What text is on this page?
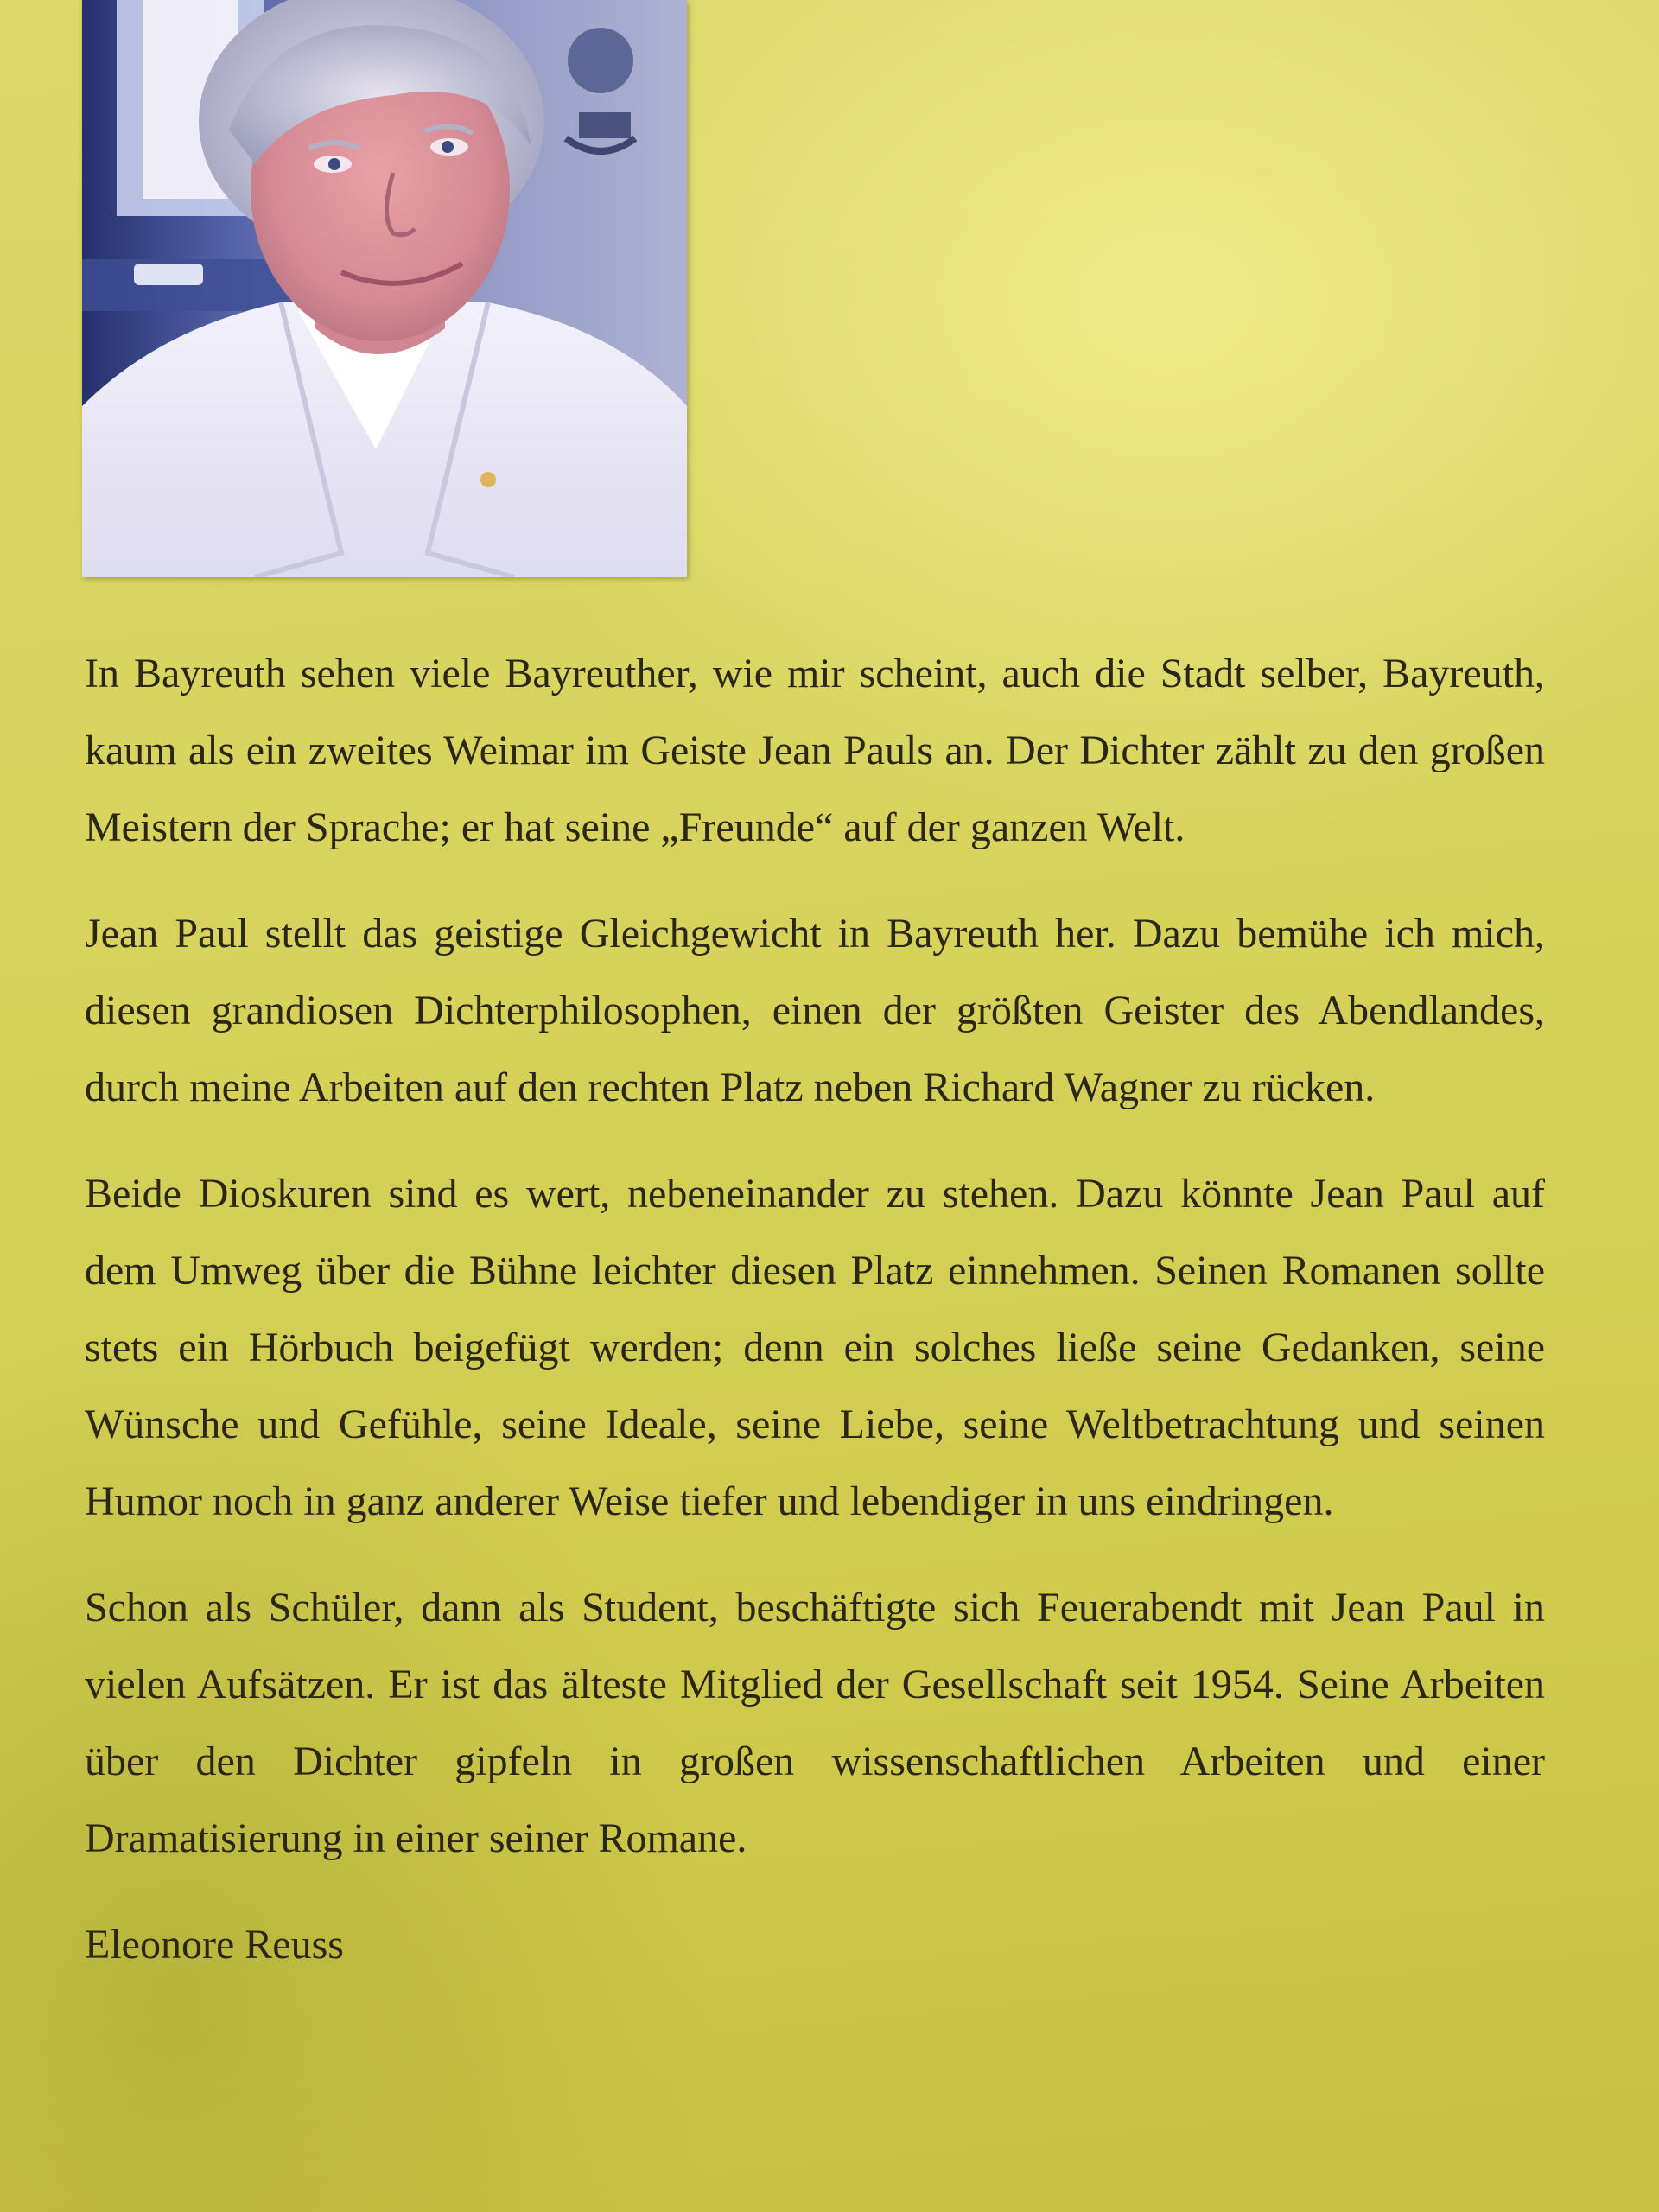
In Bayreuth sehen viele Bayreuther, wie mir scheint, auch die Stadt selber, Bayreuth, kaum als ein zweites Weimar im Geiste Jean Pauls an. Der Dichter zählt zu den großen Meistern der Sprache; er hat seine „Freunde“ auf der ganzen Welt.

Jean Paul stellt das geistige Gleichgewicht in Bayreuth her. Dazu bemühe ich mich, diesen grandiosen Dichterphilosophen, einen der größten Geister des Abendlandes, durch meine Arbeiten auf den rechten Platz neben Richard Wagner zu rücken.

Beide Dioskuren sind es wert, nebeneinander zu stehen. Dazu könnte Jean Paul auf dem Umweg über die Bühne leichter diesen Platz einnehmen. Seinen Romanen sollte stets ein Hörbuch beigefügt werden; denn ein solches ließe seine Gedanken, seine Wünsche und Gefühle, seine Ideale, seine Liebe, seine Weltbetrachtung und seinen Humor noch in ganz anderer Weise tiefer und lebendiger in uns eindringen.

Schon als Schüler, dann als Student, beschäftigte sich Feuerabendt mit Jean Paul in vielen Aufsätzen. Er ist das älteste Mitglied der Gesellschaft seit 1954. Seine Arbeiten über den Dichter gipfeln in großen wissenschaftlichen Arbeiten und einer Dramatisierung in einer seiner Romane.

Eleonore Reuss
